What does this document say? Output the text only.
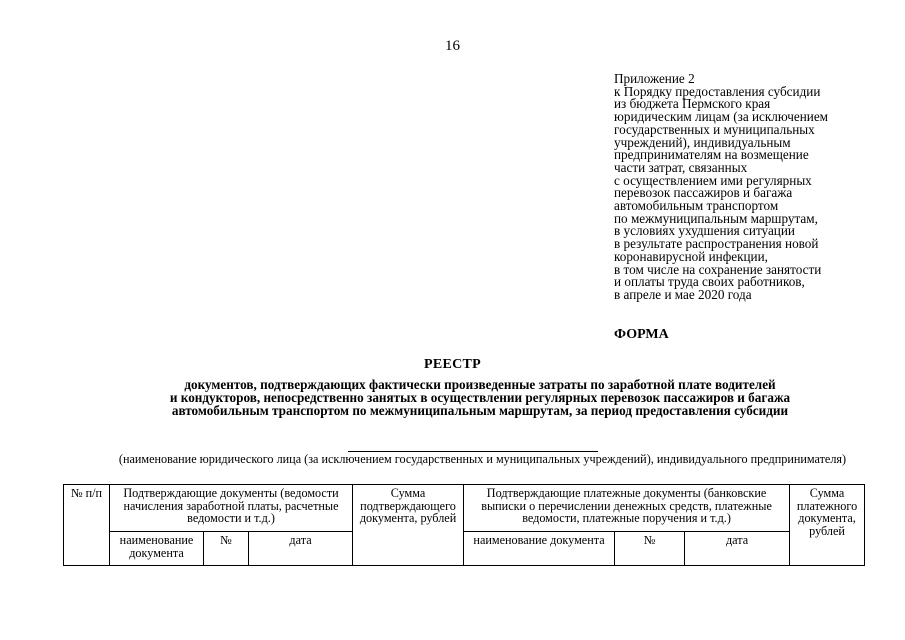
16
Приложение 2
к Порядку предоставления субсидии
из бюджета Пермского края
юридическим лицам (за исключением
государственных и муниципальных
учреждений), индивидуальным
предпринимателям на возмещение
части затрат, связанных
с осуществлением ими регулярных
перевозок пассажиров и багажа
автомобильным транспортом
по межмуниципальным маршрутам,
в условиях ухудшения ситуации
в результате распространения новой
коронавирусной инфекции,
в том числе на сохранение занятости
и оплаты труда своих работников,
в апреле и мае 2020 года
ФОРМА
РЕЕСТР
документов, подтверждающих фактически произведенные затраты по заработной плате водителей
и кондукторов, непосредственно занятых в осуществлении регулярных перевозок пассажиров и багажа
автомобильным транспортом по межмуниципальным маршрутам, за период предоставления субсидии
(наименование юридического лица (за исключением государственных и муниципальных учреждений), индивидуального предпринимателя)
№ п/п	Подтверждающие документы (ведомости начисления заработной платы, расчетные ведомости и т.д.)			Сумма подтверждающего документа, рублей	Подтверждающие платежные документы (банковские выписки о перечислении денежных средств, платежные ведомости, платежные поручения и т.д.)			Сумма платежного документа, рублей
	наименование документа	№	дата		наименование документа	№	дата	
